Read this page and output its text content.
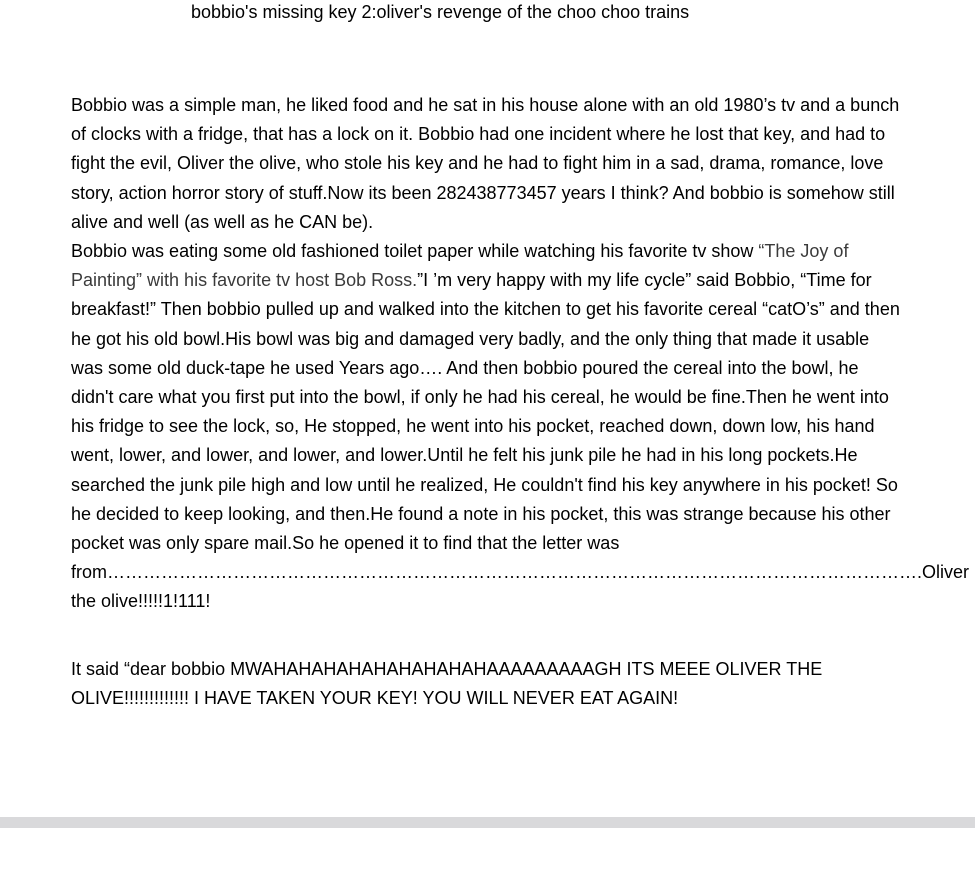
bobbio's missing key 2:oliver's revenge of the choo choo trains

Bobbio was a simple man, he liked food and he sat in his house alone with an old 1980’s tv and a bunch of clocks with a fridge, that has a lock on it. Bobbio had one incident where he lost that key, and had to fight the evil, Oliver the olive, who stole his key and he had to fight him in a sad, drama, romance, love story, action horror story of stuff.Now its been 282438773457 years I think? And bobbio is somehow still alive and well (as well as he CAN be).

Bobbio was eating some old fashioned toilet paper while watching his favorite tv show “The Joy of Painting” with his favorite tv host Bob Ross.”I ’m very happy with my life cycle” said Bobbio, “Time for breakfast!” Then bobbio pulled up and walked into the kitchen to get his favorite cereal “catO’s” and then he got his old bowl.His bowl was big and damaged very badly, and the only thing that made it usable was some old duck-tape he used Years ago…. And then bobbio poured the cereal into the bowl, he didn't care what you first put into the bowl, if only he had his cereal, he would be fine.Then he went into his fridge to see the lock, so, He stopped, he went into his pocket, reached down, down low, his hand went, lower, and lower, and lower, and lower.Until he felt his junk pile he had in his long pockets.He searched the junk pile high and low until he realized, He couldn't find his key anywhere in his pocket! So he decided to keep looking, and then.He found a note in his pocket, this was strange because his other pocket was only spare mail.So he opened it to find that the letter was from……………………………………………………………………………………………………………………….Oliver the olive!!!!!1!111!

It said “dear bobbio MWAHAHAHAHAHAHAHAHAHAAAAAAAAAGH ITS MEEE OLIVER THE OLIVE!!!!!!!!!!!!! I HAVE TAKEN YOUR KEY! YOU WILL NEVER EAT AGAIN!
